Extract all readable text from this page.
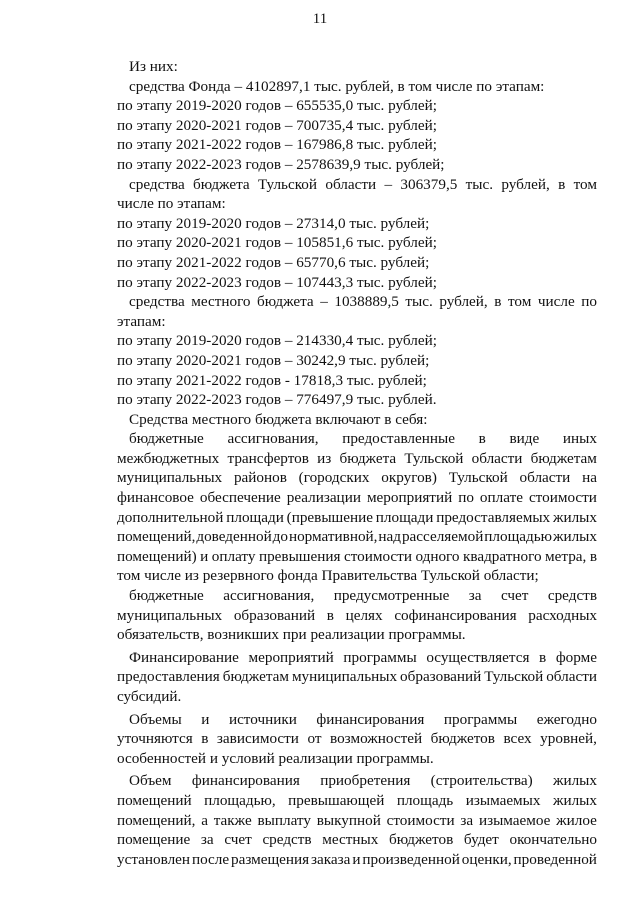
11
Из них:
средства Фонда – 4102897,1 тыс. рублей, в том числе по этапам:
по этапу 2019-2020 годов – 655535,0 тыс. рублей;
по этапу 2020-2021 годов – 700735,4 тыс. рублей;
по этапу 2021-2022 годов – 167986,8 тыс. рублей;
по этапу 2022-2023 годов – 2578639,9 тыс. рублей;
средства бюджета Тульской области – 306379,5 тыс. рублей, в том
числе по этапам:
по этапу 2019-2020 годов – 27314,0 тыс. рублей;
по этапу 2020-2021 годов – 105851,6 тыс. рублей;
по этапу 2021-2022 годов – 65770,6 тыс. рублей;
по этапу 2022-2023 годов – 107443,3 тыс. рублей;
средства местного бюджета – 1038889,5 тыс. рублей, в том числе по
этапам:
по этапу 2019-2020 годов – 214330,4 тыс. рублей;
по этапу 2020-2021 годов – 30242,9 тыс. рублей;
по этапу 2021-2022 годов - 17818,3 тыс. рублей;
по этапу 2022-2023 годов – 776497,9 тыс. рублей.
Средства местного бюджета включают в себя:
бюджетные ассигнования, предоставленные в виде иных
межбюджетных трансфертов из бюджета Тульской области бюджетам
муниципальных районов (городских округов) Тульской области на
финансовое обеспечение реализации мероприятий по оплате стоимости
дополнительной площади (превышение площади предоставляемых жилых
помещений, доведенной до нормативной, над расселяемой площадью жилых
помещений) и оплату превышения стоимости одного квадратного метра, в
том числе из резервного фонда Правительства Тульской области;
бюджетные ассигнования, предусмотренные за счет средств
муниципальных образований в целях софинансирования расходных
обязательств, возникших при реализации программы.
Финансирование мероприятий программы осуществляется в форме
предоставления бюджетам муниципальных образований Тульской области
субсидий.
Объемы и источники финансирования программы ежегодно
уточняются в зависимости от возможностей бюджетов всех уровней,
особенностей и условий реализации программы.
Объем финансирования приобретения (строительства) жилых
помещений площадью, превышающей площадь изымаемых жилых
помещений, а также выплату выкупной стоимости за изымаемое жилое
помещение за счет средств местных бюджетов будет окончательно
установлен после размещения заказа и произведенной оценки, проведенной
